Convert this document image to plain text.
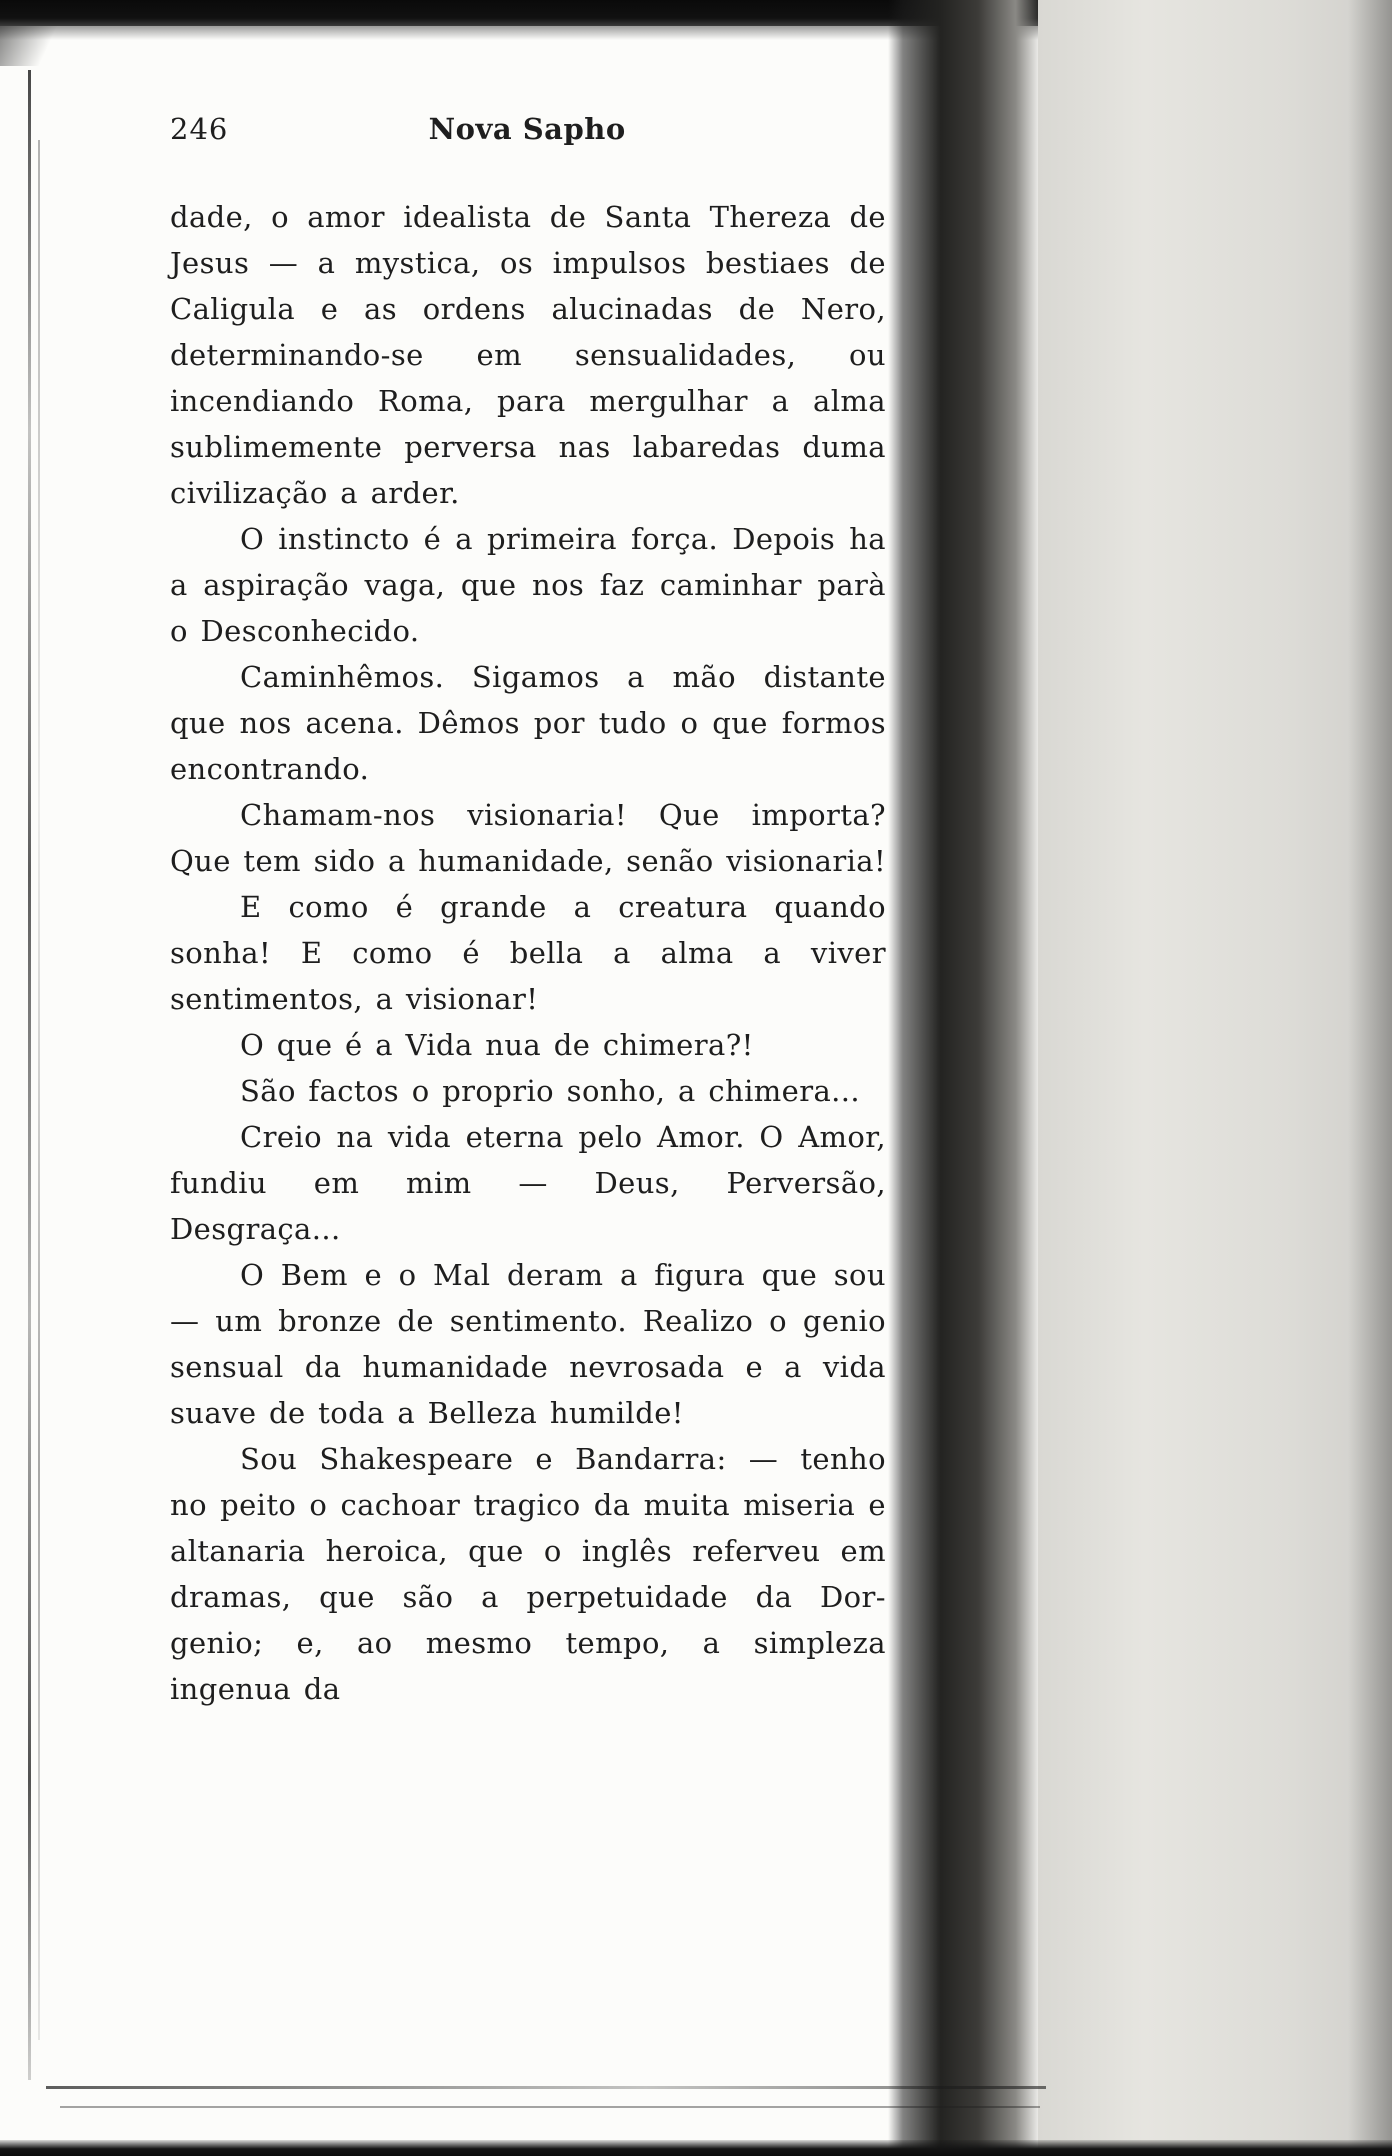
246	Nova Sapho

dade, o amor idealista de Santa Thereza de Jesus — a mystica, os impulsos bestiaes de Caligula e as ordens alucinadas de Nero, determinando-se em sensualidades, ou incendiando Roma, para mergulhar a alma sublimemente perversa nas labaredas duma civilização a arder.

O instincto é a primeira força. Depois ha a aspiração vaga, que nos faz caminhar parà o Desconhecido.

Caminhêmos. Sigamos a mão distante que nos acena. Dêmos por tudo o que formos encontrando.

Chamam-nos visionaria! Que importa? Que tem sido a humanidade, senão visionaria!

E como é grande a creatura quando sonha! E como é bella a alma a viver sentimentos, a visionar!

O que é a Vida nua de chimera?!

São factos o proprio sonho, a chimera...

Creio na vida eterna pelo Amor. O Amor, fundiu em mim — Deus, Perversão, Desgraça...

O Bem e o Mal deram a figura que sou — um bronze de sentimento. Realizo o genio sensual da humanidade nevrosada e a vida suave de toda a Belleza humilde!

Sou Shakespeare e Bandarra: — tenho no peito o cachoar tragico da muita miseria e altanaria heroica, que o inglês referveu em dramas, que são a perpetuidade da Dor-genio; e, ao mesmo tempo, a simpleza ingenua da
